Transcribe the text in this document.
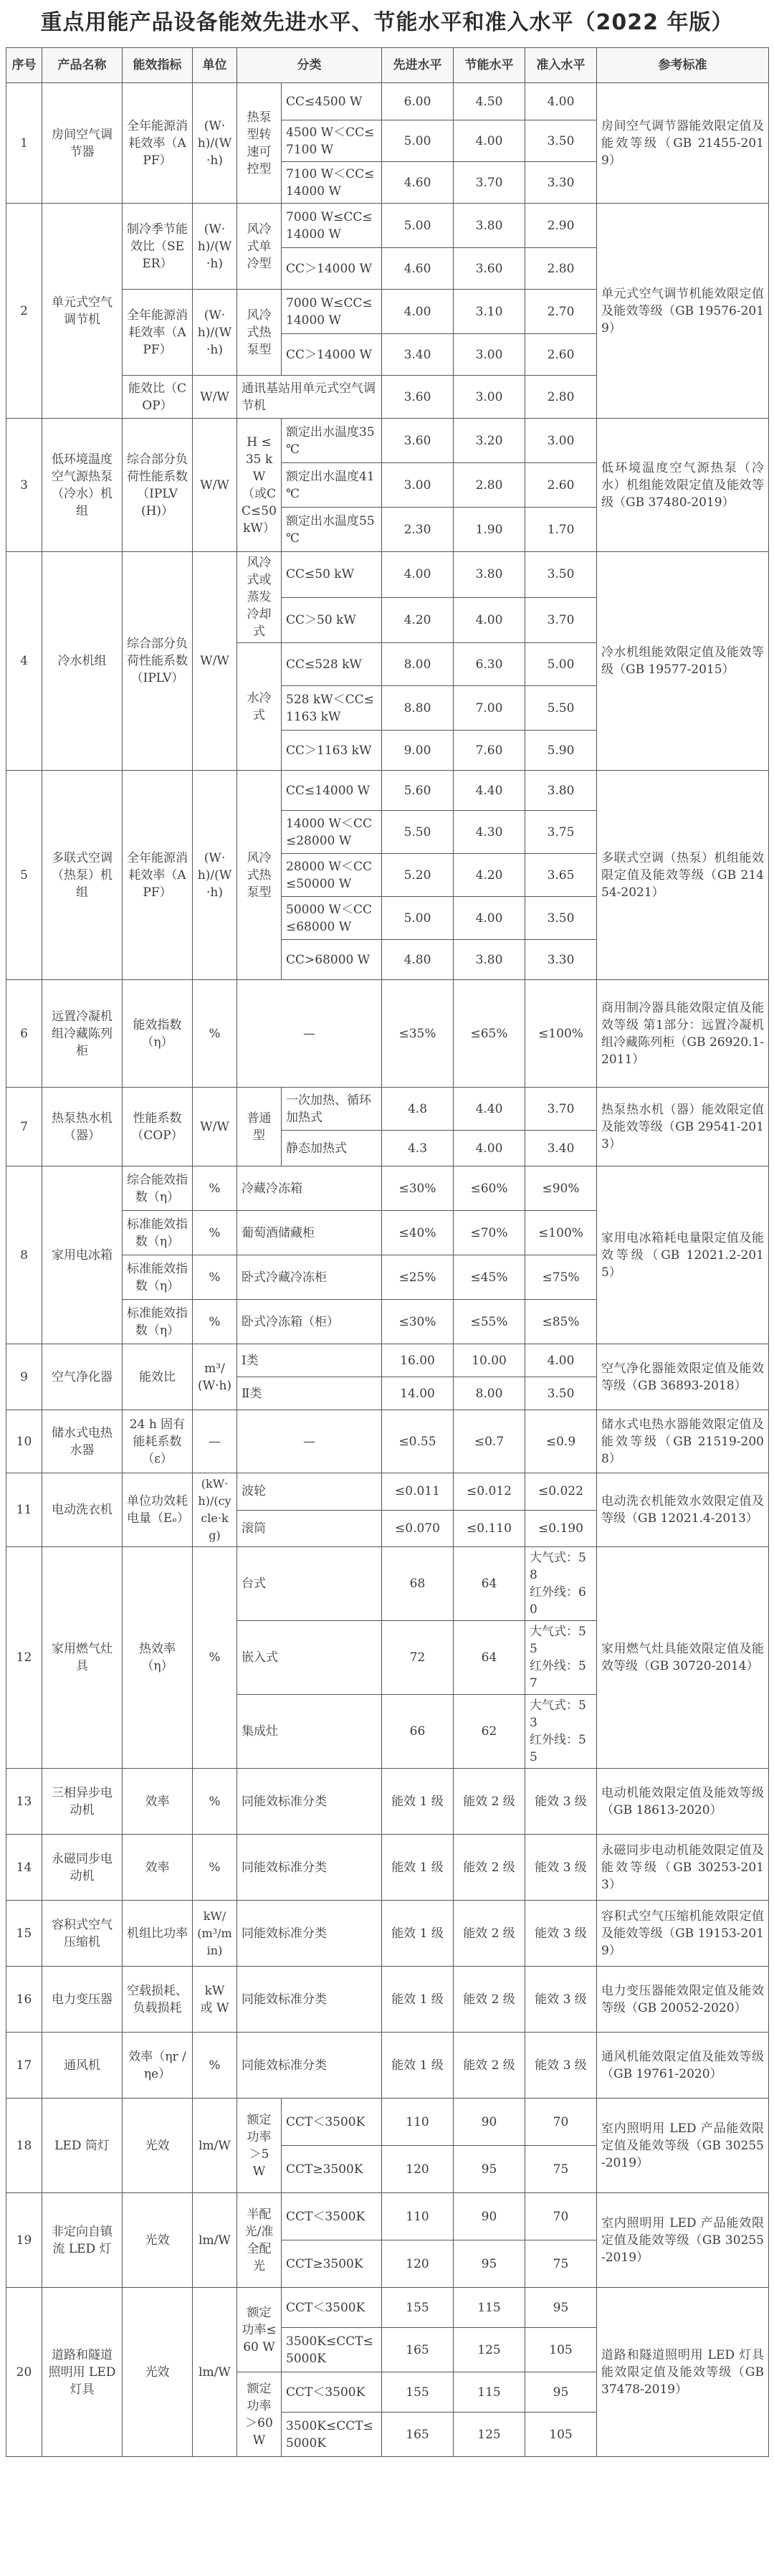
重点用能产品设备能效先进水平、节能水平和准入水平（2022 年版）
序号	产品名称	能效指标	单位	分类		先进水平	节能水平	准入水平	参考标准
1	房间空气调节器	全年能源消耗效率（APF）	(W·h)/(W·h)	热泵型转速可控型	CC≤4500 W	6.00	4.50	4.00	房间空气调节器能效限定值及能效等级（GB 21455-2019）
					4500 W＜CC≤7100 W	5.00	4.00	3.50	
					7100 W＜CC≤14000 W	4.60	3.70	3.30	
2	单元式空气调节机	制冷季节能效比（SEER）	(W·h)/(W·h)	风冷式单冷型	7000 W≤CC≤14000 W	5.00	3.80	2.90	单元式空气调节机能效限定值及能效等级（GB 19576-2019）
					CC＞14000 W	4.60	3.60	2.80	
		全年能源消耗效率（APF）	(W·h)/(W·h)	风冷式热泵型	7000 W≤CC≤14000 W	4.00	3.10	2.70	
					CC＞14000 W	3.40	3.00	2.60	
		能效比（COP）	W/W	通讯基站用单元式空气调节机		3.60	3.00	2.80	
3	低环境温度空气源热泵（冷水）机组	综合部分负荷性能系数（IPLV(H)）	W/W	H ≤ 35 kW（或CC≤50 kW）	额定出水温度35 ℃	3.60	3.20	3.00	低环境温度空气源热泵（冷水）机组能效限定值及能效等级（GB 37480-2019）
					额定出水温度41 ℃	3.00	2.80	2.60	
					额定出水温度55 ℃	2.30	1.90	1.70	
4	冷水机组	综合部分负荷性能系数（IPLV）	W/W	风冷式或蒸发冷却式	CC≤50 kW	4.00	3.80	3.50	冷水机组能效限定值及能效等级（GB 19577-2015）
					CC＞50 kW	4.20	4.00	3.70	
				水冷式	CC≤528 kW	8.00	6.30	5.00	
					528 kW＜CC≤1163 kW	8.80	7.00	5.50	
					CC＞1163 kW	9.00	7.60	5.90	
5	多联式空调（热泵）机组	全年能源消耗效率（APF）	(W·h)/(W·h)	风冷式热泵型	CC≤14000 W	5.60	4.40	3.80	多联式空调（热泵）机组能效限定值及能效等级（GB 21454-2021）
					14000 W＜CC≤28000 W	5.50	4.30	3.75	
					28000 W＜CC≤50000 W	5.20	4.20	3.65	
					50000 W＜CC≤68000 W	5.00	4.00	3.50	
					CC>68000 W	4.80	3.80	3.30	
6	远置冷凝机组冷藏陈列柜	能效指数（η）	%	—		≤35%	≤65%	≤100%	商用制冷器具能效限定值及能效等级 第1部分：远置冷凝机组冷藏陈列柜（GB 26920.1-2011）
7	热泵热水机（器）	性能系数（COP）	W/W	普通型	一次加热、循环加热式	4.8	4.40	3.70	热泵热水机（器）能效限定值及能效等级（GB 29541-2013）
					静态加热式	4.3	4.00	3.40	
8	家用电冰箱	综合能效指数（η）	%	冷藏冷冻箱		≤30%	≤60%	≤90%	家用电冰箱耗电量限定值及能效等级（GB 12021.2-2015）
		标准能效指数（η）	%	葡萄酒储藏柜		≤40%	≤70%	≤100%	
		标准能效指数（η）	%	卧式冷藏冷冻柜		≤25%	≤45%	≤75%	
		标准能效指数（η）	%	卧式冷冻箱（柜）		≤30%	≤55%	≤85%	
9	空气净化器	能效比	m³/(W·h)	Ⅰ类		16.00	10.00	4.00	空气净化器能效限定值及能效等级（GB 36893-2018）
				Ⅱ类		14.00	8.00	3.50	
10	储水式电热水器	24 h 固有能耗系数（ε）	—	—		≤0.55	≤0.7	≤0.9	储水式电热水器能效限定值及能效等级（GB 21519-2008）
11	电动洗衣机	单位功效耗电量（Eₑ）	(kW·h)/(cycle·kg)	波轮		≤0.011	≤0.012	≤0.022	电动洗衣机能效水效限定值及等级（GB 12021.4-2013）
				滚筒		≤0.070	≤0.110	≤0.190	
12	家用燃气灶具	热效率（η）	%	台式		68	64	大气式：58
红外线：60	家用燃气灶具能效限定值及能效等级（GB 30720-2014）
				嵌入式		72	64	大气式：55
红外线：57	

				集成灶		66	62	大气式：53
红外线：55	

13	三相异步电动机	效率	%	同能效标准分类		能效 1 级	能效 2 级	能效 3 级	电动机能效限定值及能效等级（GB 18613-2020）
14	永磁同步电动机	效率	%	同能效标准分类		能效 1 级	能效 2 级	能效 3 级	永磁同步电动机能效限定值及能效等级（GB 30253-2013）
15	容积式空气压缩机	机组比功率	kW/(m³/min)	同能效标准分类		能效 1 级	能效 2 级	能效 3 级	容积式空气压缩机能效限定值及能效等级（GB 19153-2019）
16	电力变压器	空载损耗、负载损耗	kW 或 W	同能效标准分类		能效 1 级	能效 2 级	能效 3 级	电力变压器能效限定值及能效等级（GB 20052-2020）
17	通风机	效率（ηr /ηe）	%	同能效标准分类		能效 1 级	能效 2 级	能效 3 级	通风机能效限定值及能效等级（GB 19761-2020）
18	LED 筒灯	光效	lm/W	额定功率＞5 W	CCT＜3500K	110	90	70	室内照明用 LED 产品能效限定值及能效等级（GB 30255-2019）
					CCT≥3500K	120	95	75	
19	非定向自镇流 LED 灯	光效	lm/W	半配光/准全配光	CCT＜3500K	110	90	70	室内照明用 LED 产品能效限定值及能效等级（GB 30255-2019）
					CCT≥3500K	120	95	75	
20	道路和隧道照明用 LED 灯具	光效	lm/W	额定功率≤60 W	CCT＜3500K	155	115	95	道路和隧道照明用 LED 灯具能效限定值及能效等级（GB 37478-2019）
					3500K≤CCT≤5000K	165	125	105	
				额定功率＞60 W	CCT＜3500K	155	115	95	
					3500K≤CCT≤5000K	165	125	105	
